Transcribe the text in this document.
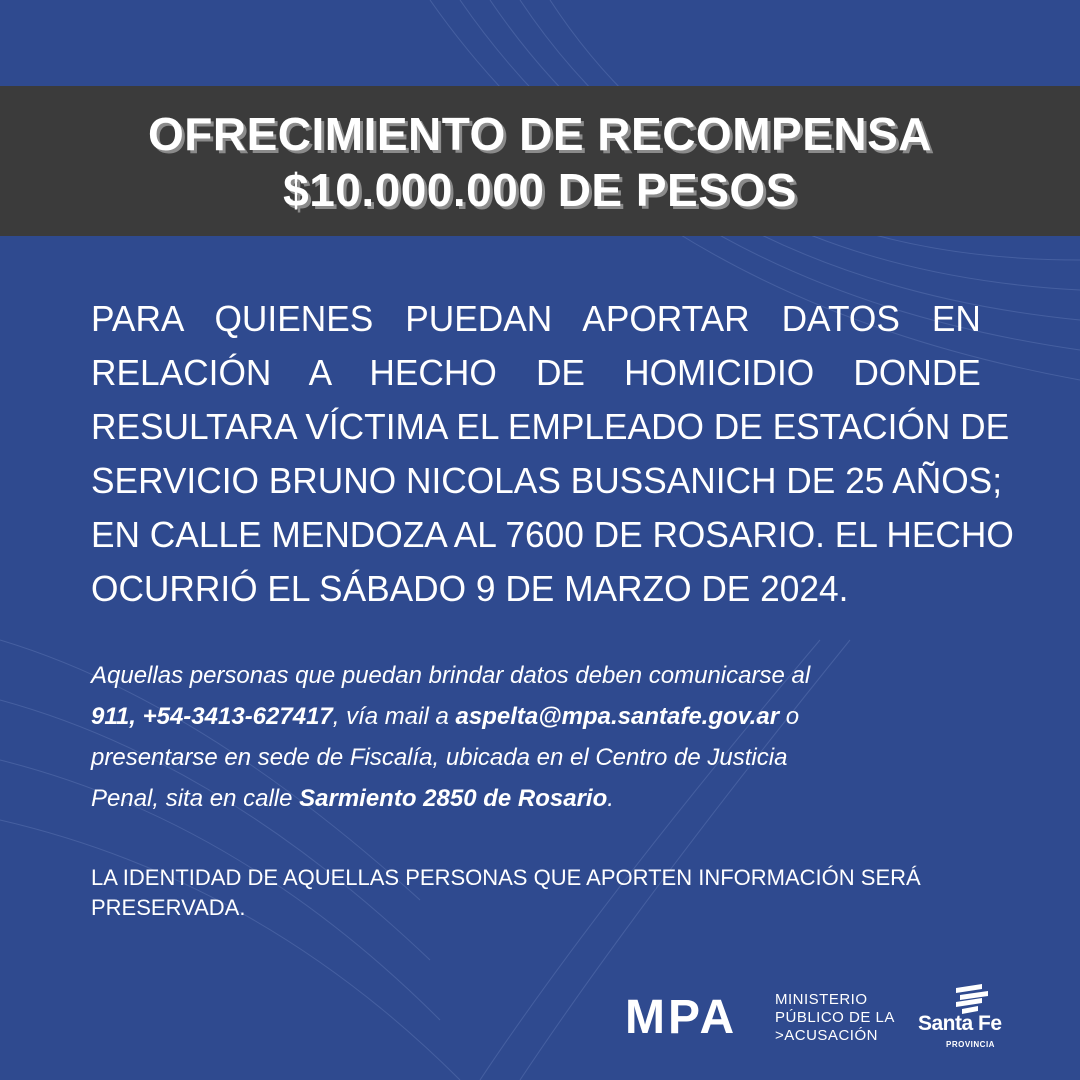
OFRECIMIENTO DE RECOMPENSA
$10.000.000 DE PESOS
PARA QUIENES PUEDAN APORTAR DATOS EN
RELACIÓN A HECHO DE HOMICIDIO DONDE
RESULTARA VÍCTIMA EL EMPLEADO DE ESTACIÓN DE
SERVICIO BRUNO NICOLAS BUSSANICH DE 25 AÑOS;
EN CALLE MENDOZA AL 7600 DE ROSARIO. EL HECHO
OCURRIÓ EL SÁBADO 9 DE MARZO DE 2024.
Aquellas personas que puedan brindar datos deben comunicarse al
911, +54-3413-627417, vía mail a aspelta@mpa.santafe.gov.ar o
presentarse en sede de Fiscalía, ubicada en el Centro de Justicia
Penal, sita en calle Sarmiento 2850 de Rosario.
LA IDENTIDAD DE AQUELLAS PERSONAS QUE APORTEN INFORMACIÓN SERÁ PRESERVADA.
MPA	MINISTERIO
PÚBLICO DE LA
>ACUSACIÓN
Santa Fe
PROVINCIA
